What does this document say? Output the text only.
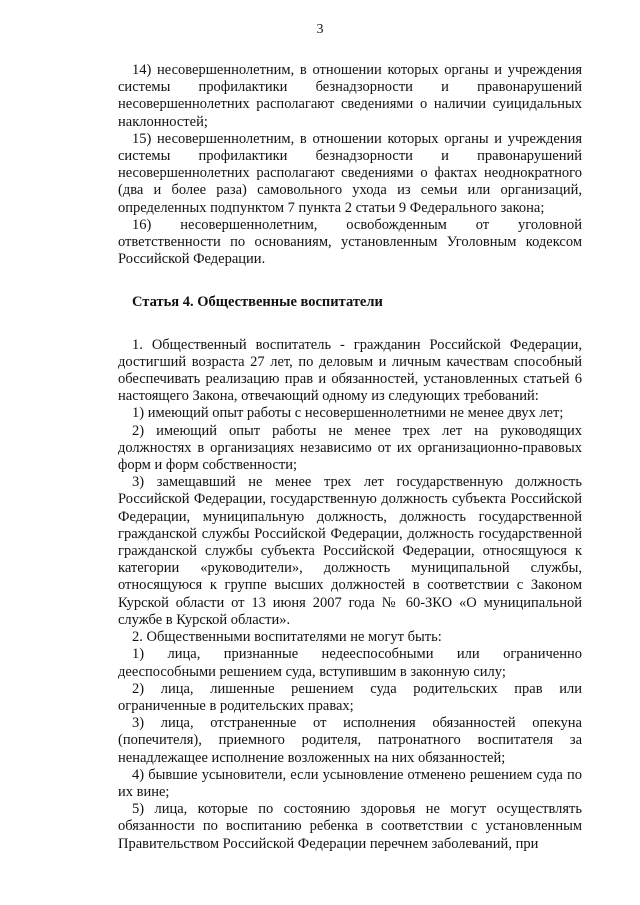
3

14) несовершеннолетним, в отношении которых органы и учреждения системы профилактики безнадзорности и правонарушений несовершеннолетних располагают сведениями о наличии суицидальных наклонностей;

15) несовершеннолетним, в отношении которых органы и учреждения системы профилактики безнадзорности и правонарушений несовершеннолетних располагают сведениями о фактах неоднократного (два и более раза) самовольного ухода из семьи или организаций, определенных подпунктом 7 пункта 2 статьи 9 Федерального закона;

16) несовершеннолетним, освобожденным от уголовной ответственности по основаниям, установленным Уголовным кодексом Российской Федерации.

Статья 4. Общественные воспитатели

1. Общественный воспитатель - гражданин Российской Федерации, достигший возраста 27 лет, по деловым и личным качествам способный обеспечивать реализацию прав и обязанностей, установленных статьей 6 настоящего Закона, отвечающий одному из следующих требований:

1) имеющий опыт работы с несовершеннолетними не менее двух лет;

2) имеющий опыт работы не менее трех лет на руководящих должностях в организациях независимо от их организационно-правовых форм и форм собственности;

3) замещавший не менее трех лет государственную должность Российской Федерации, государственную должность субъекта Российской Федерации, муниципальную должность, должность государственной гражданской службы Российской Федерации, должность государственной гражданской службы субъекта Российской Федерации, относящуюся к категории «руководители», должность муниципальной службы, относящуюся к группе высших должностей в соответствии с Законом Курской области от 13 июня 2007 года № 60-ЗКО «О муниципальной службе в Курской области».

2. Общественными воспитателями не могут быть:

1) лица, признанные недееспособными или ограниченно дееспособными решением суда, вступившим в законную силу;

2) лица, лишенные решением суда родительских прав или ограниченные в родительских правах;

3) лица, отстраненные от исполнения обязанностей опекуна (попечителя), приемного родителя, патронатного воспитателя за ненадлежащее исполнение возложенных на них обязанностей;

4) бывшие усыновители, если усыновление отменено решением суда по их вине;

5) лица, которые по состоянию здоровья не могут осуществлять обязанности по воспитанию ребенка в соответствии с установленным Правительством Российской Федерации перечнем заболеваний, при
